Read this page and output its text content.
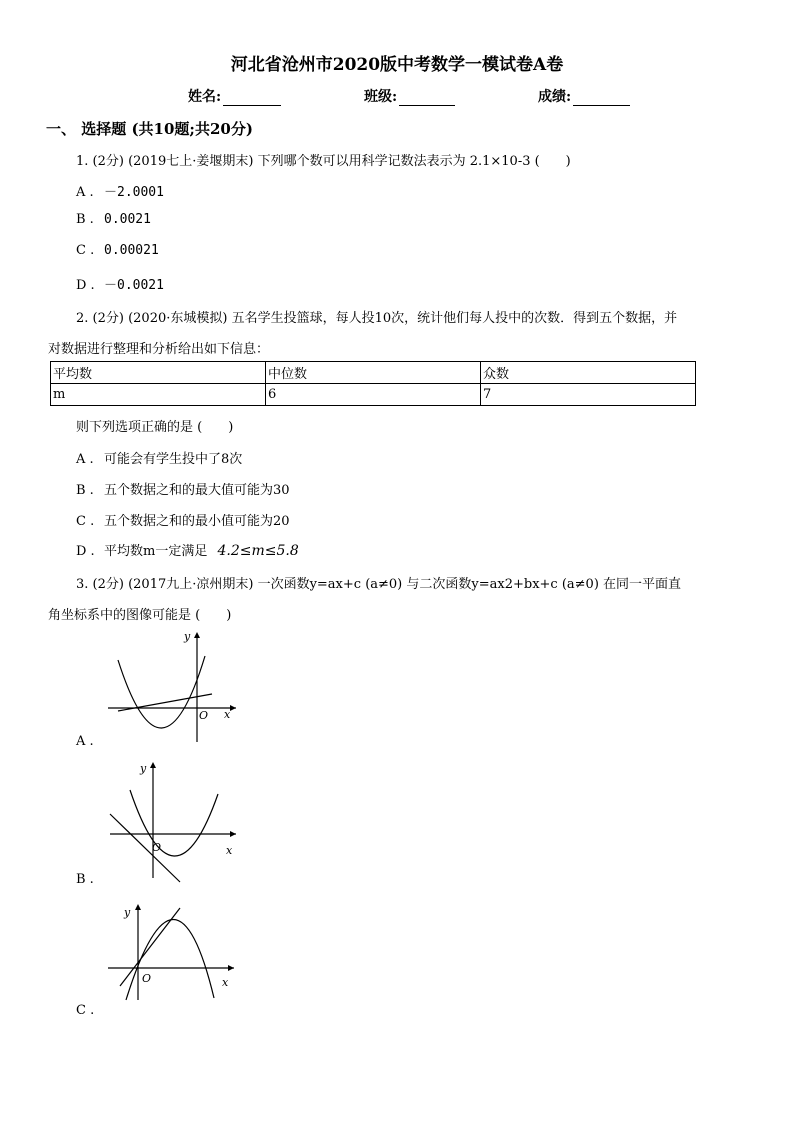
河北省沧州市2020版中考数学一模试卷A卷
姓名:	班级:	成绩:
一、 选择题 (共10题;共20分)
1. (2分) (2019七上·姜堰期末) 下列哪个数可以用科学记数法表示为 2.1×10-3 (　　)
A . －2.0001
B . 0.0021
C . 0.00021
D . －0.0021
2. (2分) (2020·东城模拟) 五名学生投篮球，每人投10次，统计他们每人投中的次数．得到五个数据，并
对数据进行整理和分析给出如下信息：
平均数	中位数	众数
m	6	7
则下列选项正确的是 (　　)
A . 可能会有学生投中了8次
B . 五个数据之和的最大值可能为30
C . 五个数据之和的最小值可能为20
D . 平均数m一定满足 4.2≤m≤5.8
3. (2分) (2017九上·凉州期末) 一次函数y=ax+c (a≠0) 与二次函数y=ax2+bx+c (a≠0) 在同一平面直
角坐标系中的图像可能是 (　　)
x
y
O
A .
x
y
O
B .
x
y
O
C .
